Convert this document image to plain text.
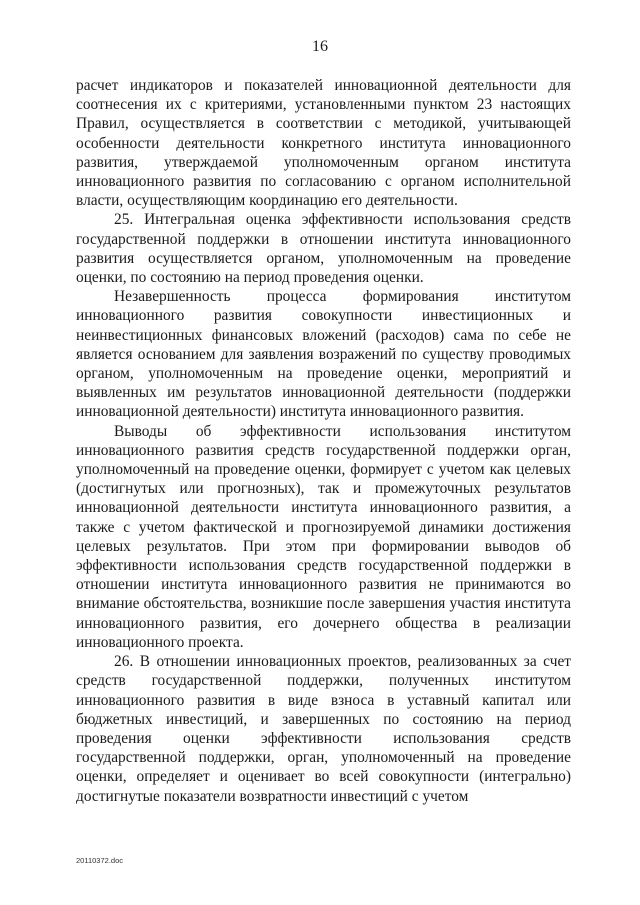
16

расчет индикаторов и показателей инновационной деятельности для соотнесения их с критериями, установленными пунктом 23 настоящих Правил, осуществляется в соответствии с методикой, учитывающей особенности деятельности конкретного института инновационного развития, утверждаемой уполномоченным органом института инновационного развития по согласованию с органом исполнительной власти, осуществляющим координацию его деятельности.

25. Интегральная оценка эффективности использования средств государственной поддержки в отношении института инновационного развития осуществляется органом, уполномоченным на проведение оценки, по состоянию на период проведения оценки.

Незавершенность процесса формирования институтом инновационного развития совокупности инвестиционных и неинвестиционных финансовых вложений (расходов) сама по себе не является основанием для заявления возражений по существу проводимых органом, уполномоченным на проведение оценки, мероприятий и выявленных им результатов инновационной деятельности (поддержки инновационной деятельности) института инновационного развития.

Выводы об эффективности использования институтом инновационного развития средств государственной поддержки орган, уполномоченный на проведение оценки, формирует с учетом как целевых (достигнутых или прогнозных), так и промежуточных результатов инновационной деятельности института инновационного развития, а также с учетом фактической и прогнозируемой динамики достижения целевых результатов. При этом при формировании выводов об эффективности использования средств государственной поддержки в отношении института инновационного развития не принимаются во внимание обстоятельства, возникшие после завершения участия института инновационного развития, его дочернего общества в реализации инновационного проекта.

26. В отношении инновационных проектов, реализованных за счет средств государственной поддержки, полученных институтом инновационного развития в виде взноса в уставный капитал или бюджетных инвестиций, и завершенных по состоянию на период проведения оценки эффективности использования средств государственной поддержки, орган, уполномоченный на проведение оценки, определяет и оценивает во всей совокупности (интегрально) достигнутые показатели возвратности инвестиций с учетом

20110372.doc
